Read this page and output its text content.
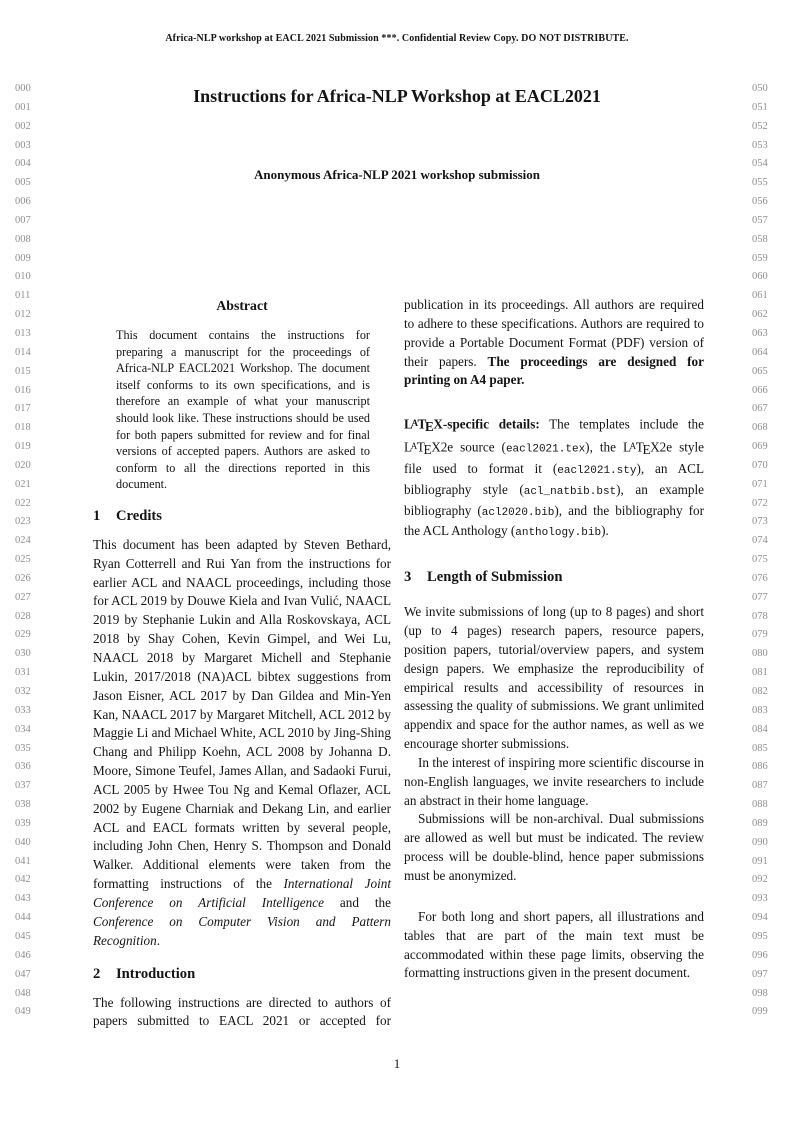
Africa-NLP workshop at EACL 2021 Submission ***. Confidential Review Copy. DO NOT DISTRIBUTE.
000
001
002
003
004
005
006
007
008
009
010
011
012
013
014
015
016
017
018
019
020
021
022
023
024
025
026
027
028
029
030
031
032
033
034
035
036
037
038
039
040
041
042
043
044
045
046
047
048
049
050
051
052
053
054
055
056
057
058
059
060
061
062
063
064
065
066
067
068
069
070
071
072
073
074
075
076
077
078
079
080
081
082
083
084
085
086
087
088
089
090
091
092
093
094
095
096
097
098
099
Instructions for Africa-NLP Workshop at EACL2021
Anonymous Africa-NLP 2021 workshop submission
Abstract
This document contains the instructions for preparing a manuscript for the proceedings of Africa-NLP EACL2021 Workshop. The document itself conforms to its own specifications, and is therefore an example of what your manuscript should look like. These instructions should be used for both papers submitted for review and for final versions of accepted papers. Authors are asked to conform to all the directions reported in this document.
1 Credits

This document has been adapted by Steven Bethard, Ryan Cotterrell and Rui Yan from the instructions for earlier ACL and NAACL proceedings, including those for ACL 2019 by Douwe Kiela and Ivan Vulić, NAACL 2019 by Stephanie Lukin and Alla Roskovskaya, ACL 2018 by Shay Cohen, Kevin Gimpel, and Wei Lu, NAACL 2018 by Margaret Michell and Stephanie Lukin, 2017/2018 (NA)ACL bibtex suggestions from Jason Eisner, ACL 2017 by Dan Gildea and Min-Yen Kan, NAACL 2017 by Margaret Mitchell, ACL 2012 by Maggie Li and Michael White, ACL 2010 by Jing-Shing Chang and Philipp Koehn, ACL 2008 by Johanna D. Moore, Simone Teufel, James Allan, and Sadaoki Furui, ACL 2005 by Hwee Tou Ng and Kemal Oflazer, ACL 2002 by Eugene Charniak and Dekang Lin, and earlier ACL and EACL formats written by several people, including John Chen, Henry S. Thompson and Donald Walker. Additional elements were taken from the formatting instructions of the International Joint Conference on Artificial Intelligence and the Conference on Computer Vision and Pattern Recognition.

2 Introduction

The following instructions are directed to authors of papers submitted to EACL 2021 or accepted for

publication in its proceedings. All authors are required to adhere to these specifications. Authors are required to provide a Portable Document Format (PDF) version of their papers. The proceedings are designed for printing on A4 paper.

LATEX-specific details: The templates include the LATEX2e source (eacl2021.tex), the LATEX2e style file used to format it (eacl2021.sty), an ACL bibliography style (acl_natbib.bst), an example bibliography (acl2020.bib), and the bibliography for the ACL Anthology (anthology.bib).

3 Length of Submission

We invite submissions of long (up to 8 pages) and short (up to 4 pages) research papers, resource papers, position papers, tutorial/overview papers, and system design papers. We emphasize the reproducibility of empirical results and accessibility of resources in assessing the quality of submissions. We grant unlimited appendix and space for the author names, as well as we encourage shorter submissions.

In the interest of inspiring more scientific discourse in non-English languages, we invite researchers to include an abstract in their home language.

Submissions will be non-archival. Dual submissions are allowed as well but must be indicated. The review process will be double-blind, hence paper submissions must be anonymized.

For both long and short papers, all illustrations and tables that are part of the main text must be accommodated within these page limits, observing the formatting instructions given in the present document.

1
